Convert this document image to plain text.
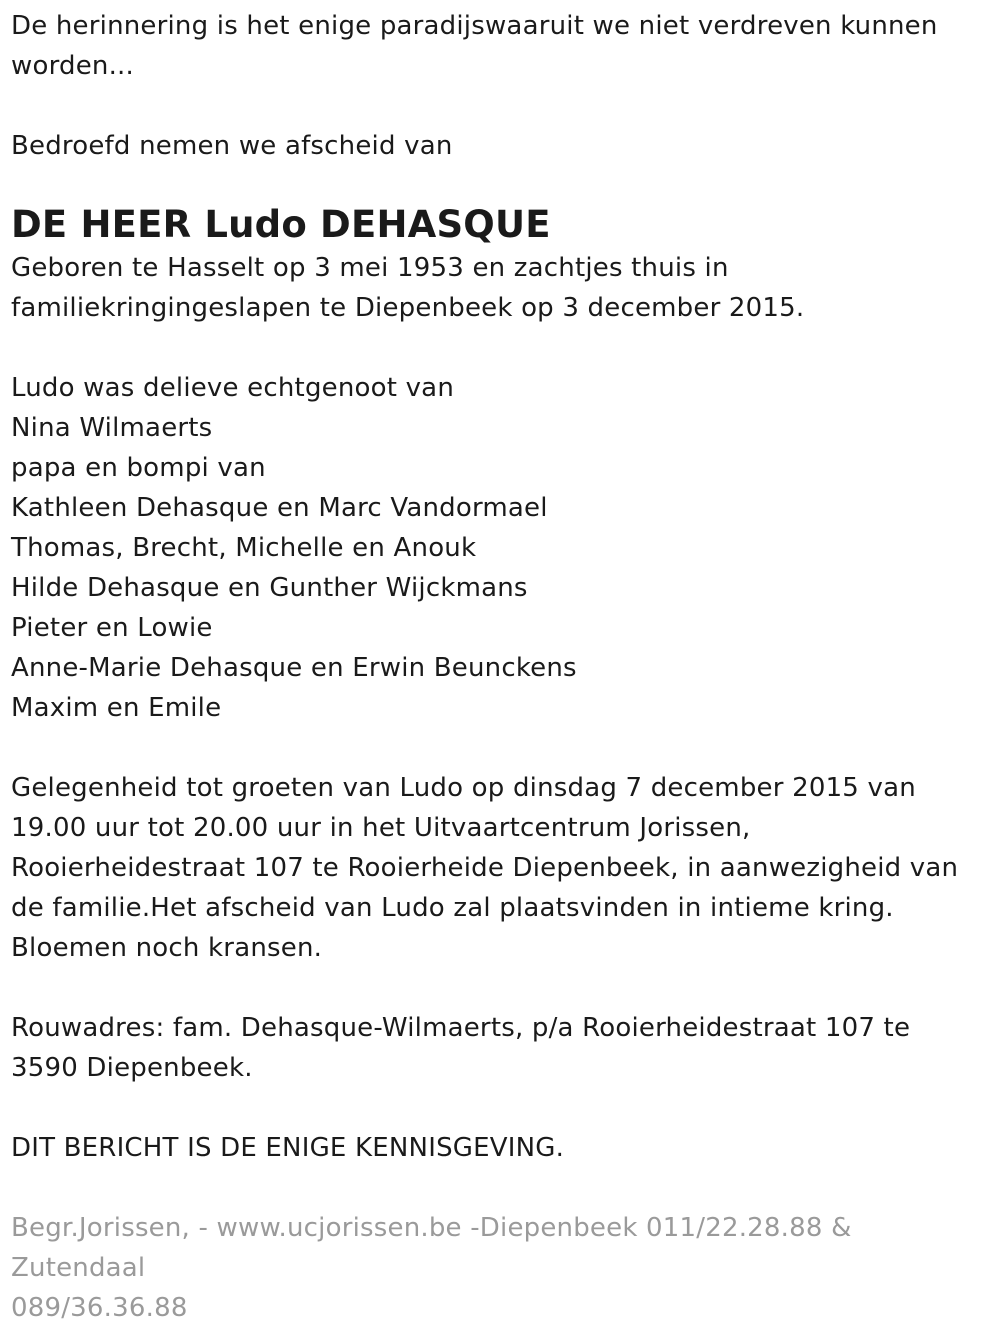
De herinnering is het enige paradijswaaruit we niet verdreven kunnen
worden...
Bedroefd nemen we afscheid van
DE HEER Ludo DEHASQUE
Geboren te Hasselt op 3 mei 1953 en zachtjes thuis in
familiekringingeslapen te Diepenbeek op 3 december 2015.
Ludo was delieve echtgenoot van
Nina Wilmaerts
papa en bompi van
Kathleen Dehasque en Marc Vandormael
Thomas, Brecht, Michelle en Anouk
Hilde Dehasque en Gunther Wijckmans
Pieter en Lowie
Anne-Marie Dehasque en Erwin Beunckens
Maxim en Emile
Gelegenheid tot groeten van Ludo op dinsdag 7 december 2015 van
19.00 uur tot 20.00 uur in het Uitvaartcentrum Jorissen,
Rooierheidestraat 107 te Rooierheide Diepenbeek, in aanwezigheid van
de familie.Het afscheid van Ludo zal plaatsvinden in intieme kring.
Bloemen noch kransen.
Rouwadres: fam. Dehasque-Wilmaerts, p/a Rooierheidestraat 107 te
3590 Diepenbeek.
DIT BERICHT IS DE ENIGE KENNISGEVING.
Begr.Jorissen, - www.ucjorissen.be -Diepenbeek 011/22.28.88 & Zutendaal
089/36.36.88
